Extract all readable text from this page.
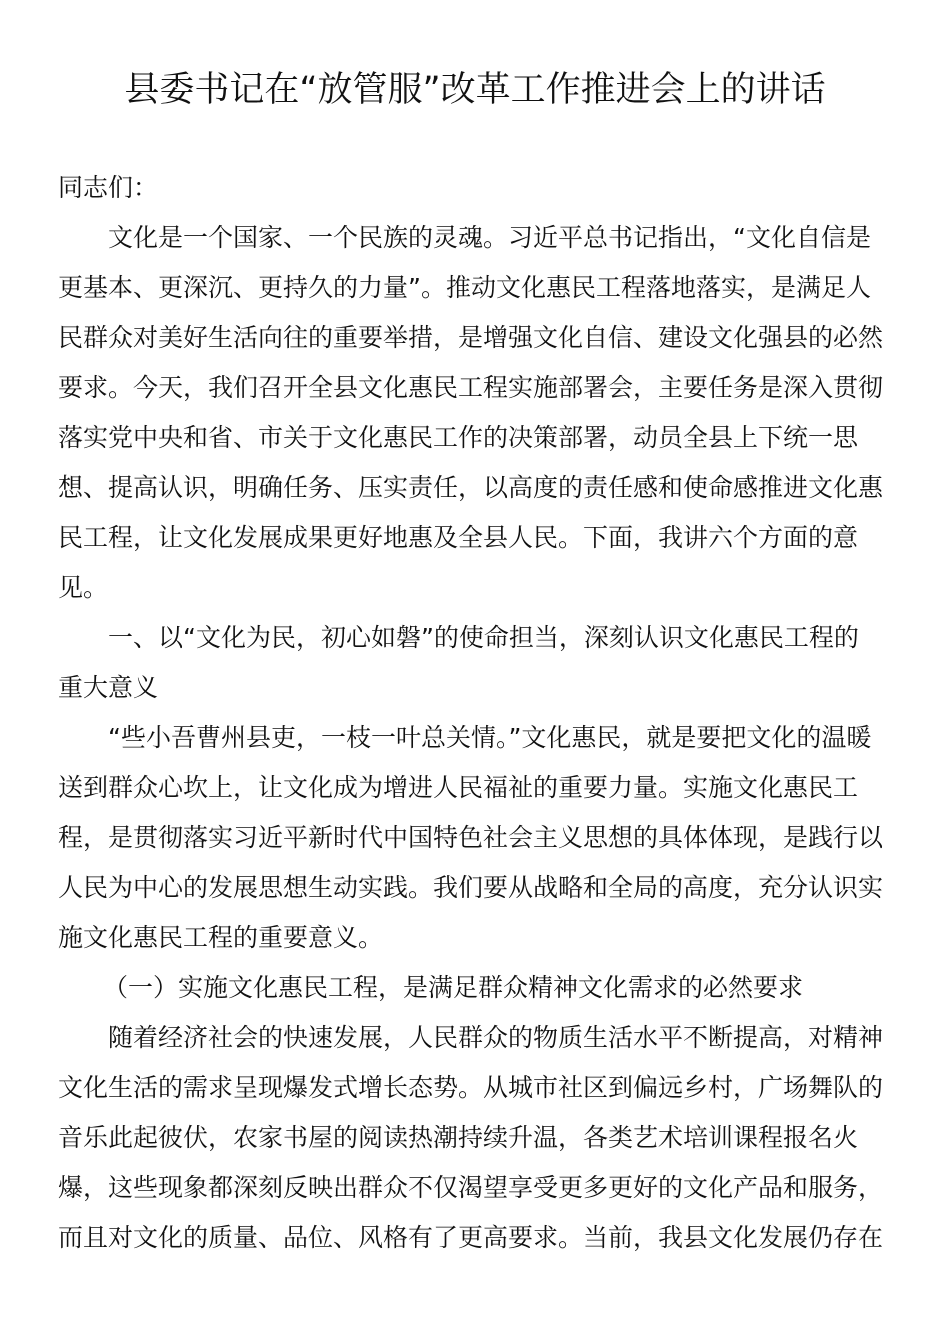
县委书记在“放管服”改革工作推进会上的讲话
同志们：
文化是一个国家、一个民族的灵魂。习近平总书记指出，“文化自信是
更基本、更深沉、更持久的力量”。推动文化惠民工程落地落实，是满足人
民群众对美好生活向往的重要举措，是增强文化自信、建设文化强县的必然
要求。今天，我们召开全县文化惠民工程实施部署会，主要任务是深入贯彻
落实党中央和省、市关于文化惠民工作的决策部署，动员全县上下统一思
想、提高认识，明确任务、压实责任，以高度的责任感和使命感推进文化惠
民工程，让文化发展成果更好地惠及全县人民。下面，我讲六个方面的意
见。
一、以“文化为民，初心如磐”的使命担当，深刻认识文化惠民工程的
重大意义
“些小吾曹州县吏，一枝一叶总关情。”文化惠民，就是要把文化的温暖
送到群众心坎上，让文化成为增进人民福祉的重要力量。实施文化惠民工
程，是贯彻落实习近平新时代中国特色社会主义思想的具体体现，是践行以
人民为中心的发展思想生动实践。我们要从战略和全局的高度，充分认识实
施文化惠民工程的重要意义。
（一）实施文化惠民工程，是满足群众精神文化需求的必然要求
随着经济社会的快速发展，人民群众的物质生活水平不断提高，对精神
文化生活的需求呈现爆发式增长态势。从城市社区到偏远乡村，广场舞队的
音乐此起彼伏，农家书屋的阅读热潮持续升温，各类艺术培训课程报名火
爆，这些现象都深刻反映出群众不仅渴望享受更多更好的文化产品和服务，
而且对文化的质量、品位、风格有了更高要求。当前，我县文化发展仍存在
